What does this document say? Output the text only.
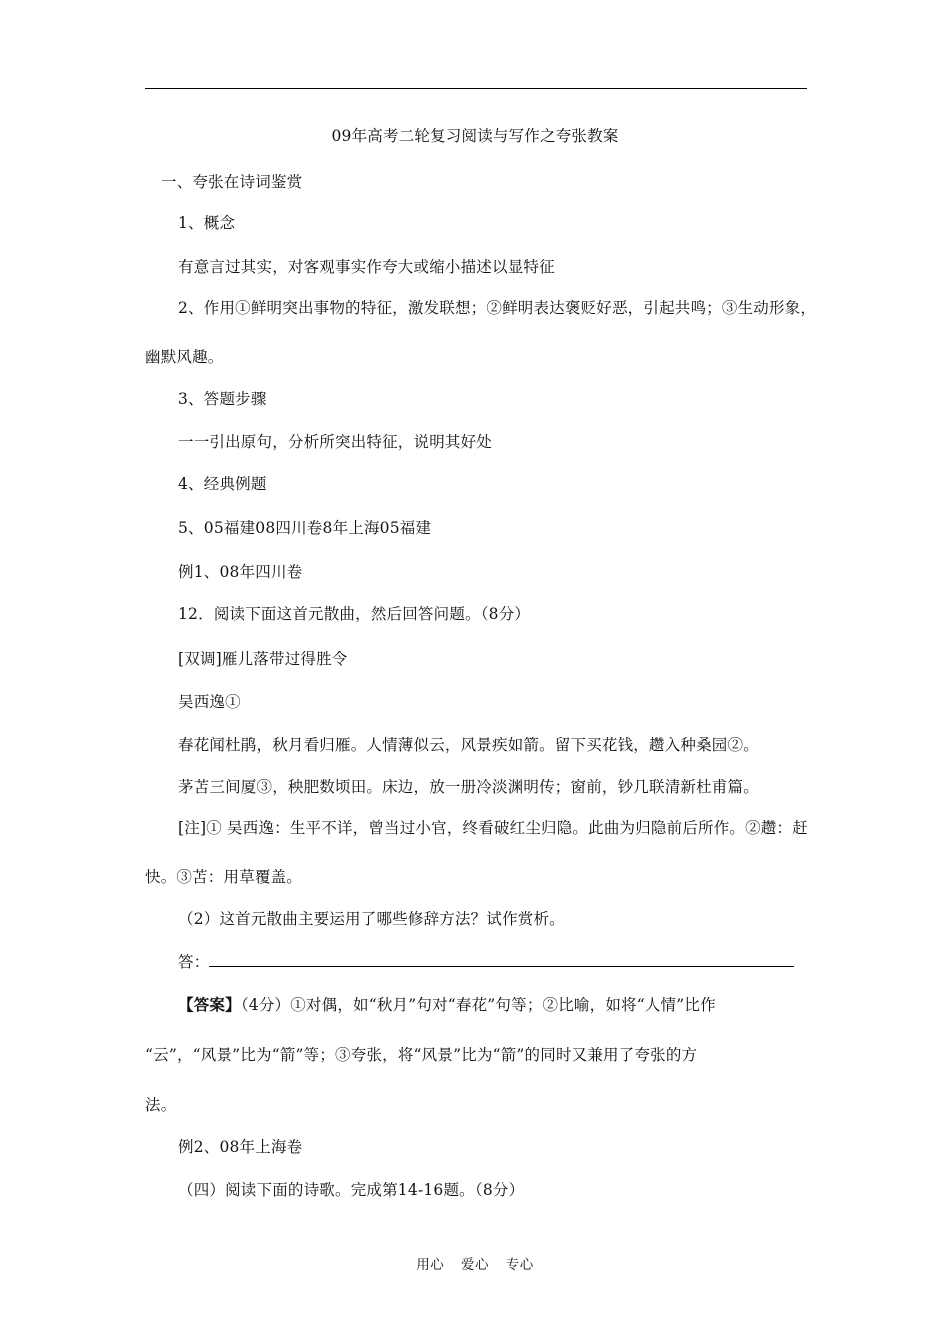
09年高考二轮复习阅读与写作之夸张教案
一、夸张在诗词鉴赏
1、概念
有意言过其实，对客观事实作夸大或缩小描述以显特征
2、作用①鲜明突出事物的特征，激发联想；②鲜明表达褒贬好恶，引起共鸣；③生动形象，
幽默风趣。
3、答题步骤
一一引出原句，分析所突出特征，说明其好处
4、经典例题
5、05福建08四川卷8年上海05福建
例1、08年四川卷
12．阅读下面这首元散曲，然后回答问题。（8分）
[双调]雁儿落带过得胜令
吴西逸①
春花闻杜鹃，秋月看归雁。人情薄似云，风景疾如箭。留下买花钱，趱入种桑园②。
茅苫三间厦③，秧肥数顷田。床边，放一册冷淡渊明传；窗前，钞几联清新杜甫篇。
[注]① 吴西逸：生平不详，曾当过小官，终看破红尘归隐。此曲为归隐前后所作。②趱：赶
快。③苫：用草覆盖。
（2）这首元散曲主要运用了哪些修辞方法？试作赏析。
答：
【答案】（4分）①对偶，如“秋月”句对“春花”句等；②比喻，如将“人情”比作
“云”，“风景”比为“箭”等；③夸张，将“风景”比为“箭”的同时又兼用了夸张的方
法。
例2、08年上海卷
（四）阅读下面的诗歌。完成第14-16题。（8分）
用心 爱心 专心
